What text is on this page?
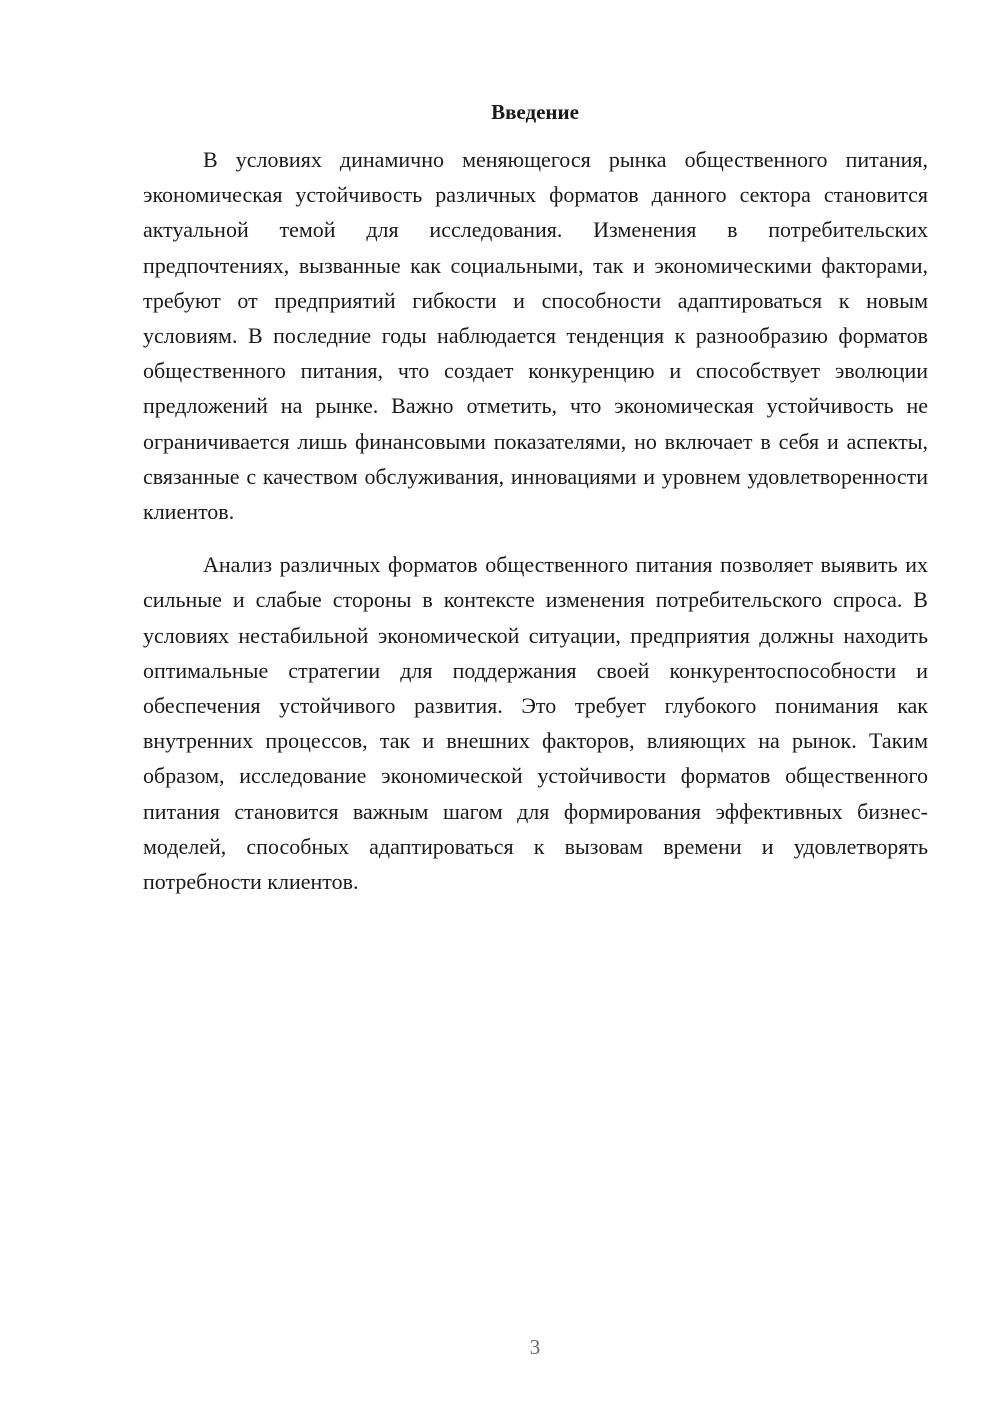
Введение

В условиях динамично меняющегося рынка общественного питания, экономическая устойчивость различных форматов данного сектора становится актуальной темой для исследования. Изменения в потребительских предпочтениях, вызванные как социальными, так и экономическими факторами, требуют от предприятий гибкости и способности адаптироваться к новым условиям. В последние годы наблюдается тенденция к разнообразию форматов общественного питания, что создает конкуренцию и способствует эволюции предложений на рынке. Важно отметить, что экономическая устойчивость не ограничивается лишь финансовыми показателями, но включает в себя и аспекты, связанные с качеством обслуживания, инновациями и уровнем удовлетворенности клиентов.

Анализ различных форматов общественного питания позволяет выявить их сильные и слабые стороны в контексте изменения потребительского спроса. В условиях нестабильной экономической ситуации, предприятия должны находить оптимальные стратегии для поддержания своей конкурентоспособности и обеспечения устойчивого развития. Это требует глубокого понимания как внутренних процессов, так и внешних факторов, влияющих на рынок. Таким образом, исследование экономической устойчивости форматов общественного питания становится важным шагом для формирования эффективных бизнес-моделей, способных адаптироваться к вызовам времени и удовлетворять потребности клиентов.

3
